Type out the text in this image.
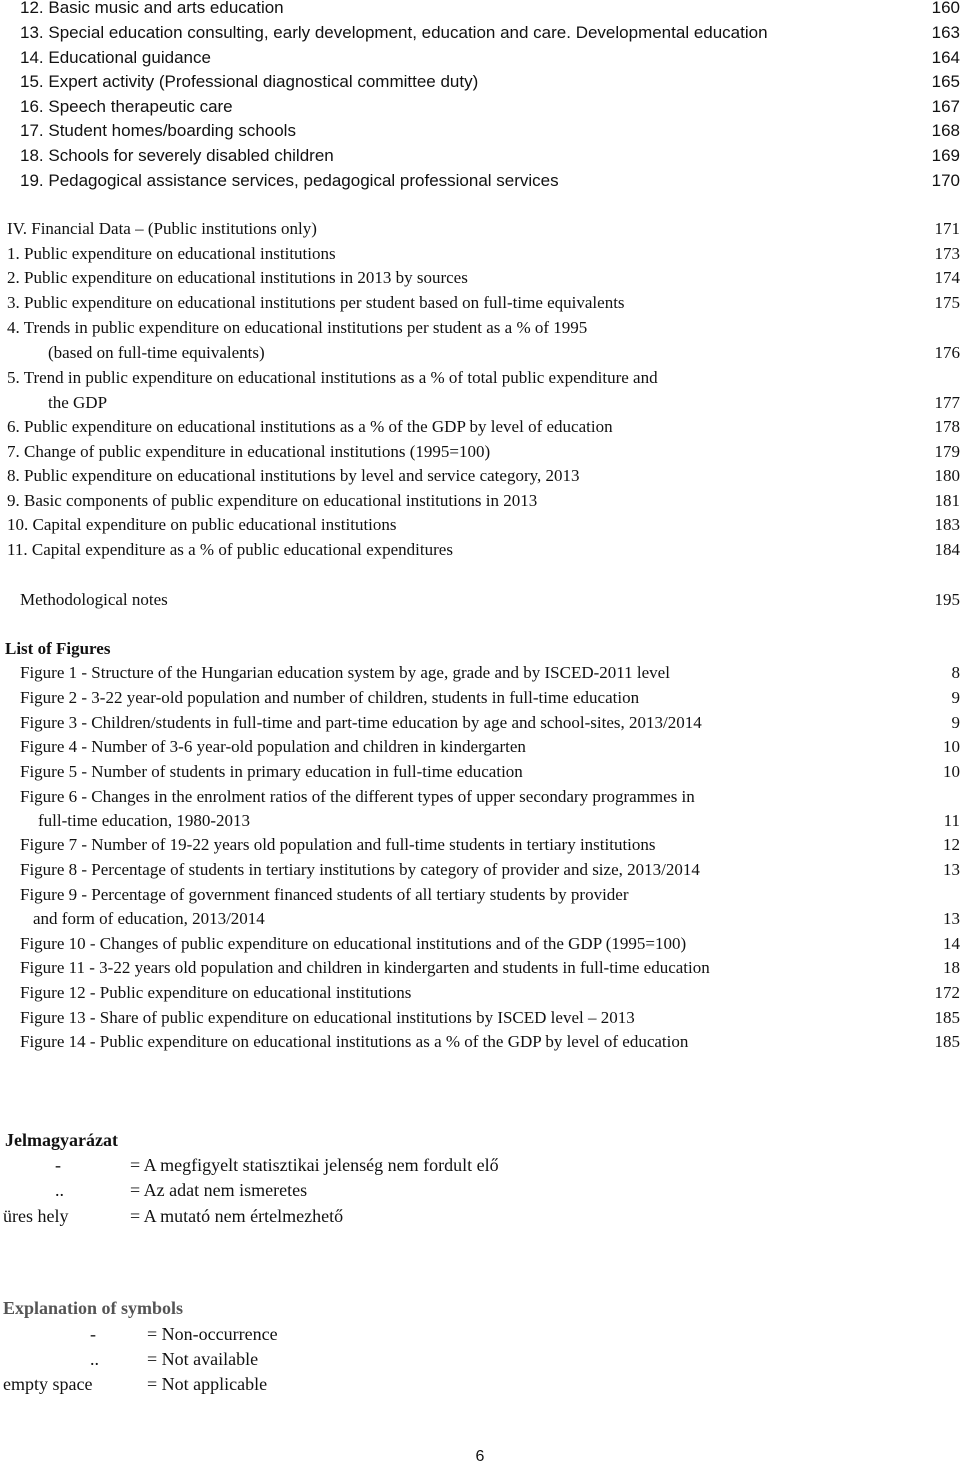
12. Basic music and arts education	160
13. Special education consulting, early development, education and care. Developmental education	163
14. Educational guidance	164
15. Expert activity (Professional diagnostical committee duty)	165
16. Speech therapeutic care	167
17. Student homes/boarding schools	168
18. Schools for severely disabled children	169
19. Pedagogical assistance services, pedagogical professional services	170
IV. Financial Data – (Public institutions only)	171
1. Public expenditure on educational institutions	173
2. Public expenditure on educational institutions in 2013 by sources	174
3. Public expenditure on educational institutions per student based on full-time equivalents	175
4. Trends in public expenditure on educational institutions per student as a % of 1995
(based on full-time equivalents)	176
5. Trend in public expenditure on educational institutions as a % of total public expenditure and
the GDP	177
6. Public expenditure on educational institutions as a % of the GDP by level of education	178
7. Change of public expenditure in educational institutions (1995=100)	179
8. Public expenditure on educational institutions by level and service category, 2013	180
9. Basic components of public expenditure on educational institutions in 2013	181
10. Capital expenditure on public educational institutions	183
11. Capital expenditure as a % of public educational expenditures	184
Methodological notes	195
List of Figures
Figure 1 - Structure of the Hungarian education system by age, grade and by ISCED-2011 level	8
Figure 2 - 3-22 year-old population and number of children, students in full-time education	9
Figure 3 - Children/students in full-time and part-time education by age and school-sites, 2013/2014	9
Figure 4 - Number of 3-6 year-old population and children in kindergarten	10
Figure 5 - Number of students in primary education in full-time education	10
Figure 6 - Changes in the enrolment ratios of the different types of upper secondary programmes in
full-time education, 1980-2013	11
Figure 7 - Number of 19-22 years old population and full-time students in tertiary institutions	12
Figure 8 - Percentage of students in tertiary institutions by category of provider and size, 2013/2014	13
Figure 9 - Percentage of government financed students of all tertiary students by provider
and form of education, 2013/2014	13
Figure 10 - Changes of public expenditure on educational institutions and of the GDP (1995=100)	14
Figure 11 - 3-22 years old population and children in kindergarten and students in full-time education	18
Figure 12 - Public expenditure on educational institutions	172
Figure 13 - Share of public expenditure on educational institutions by ISCED level – 2013	185
Figure 14 - Public expenditure on educational institutions as a % of the GDP by level of education	185
Jelmagyarázat
-	= A megfigyelt statisztikai jelenség nem fordult elő
..	= Az adat nem ismeretes
üres hely	= A mutató nem értelmezhető
Explanation of symbols
-	= Non-occurrence
..	= Not available
empty space	= Not applicable
6
